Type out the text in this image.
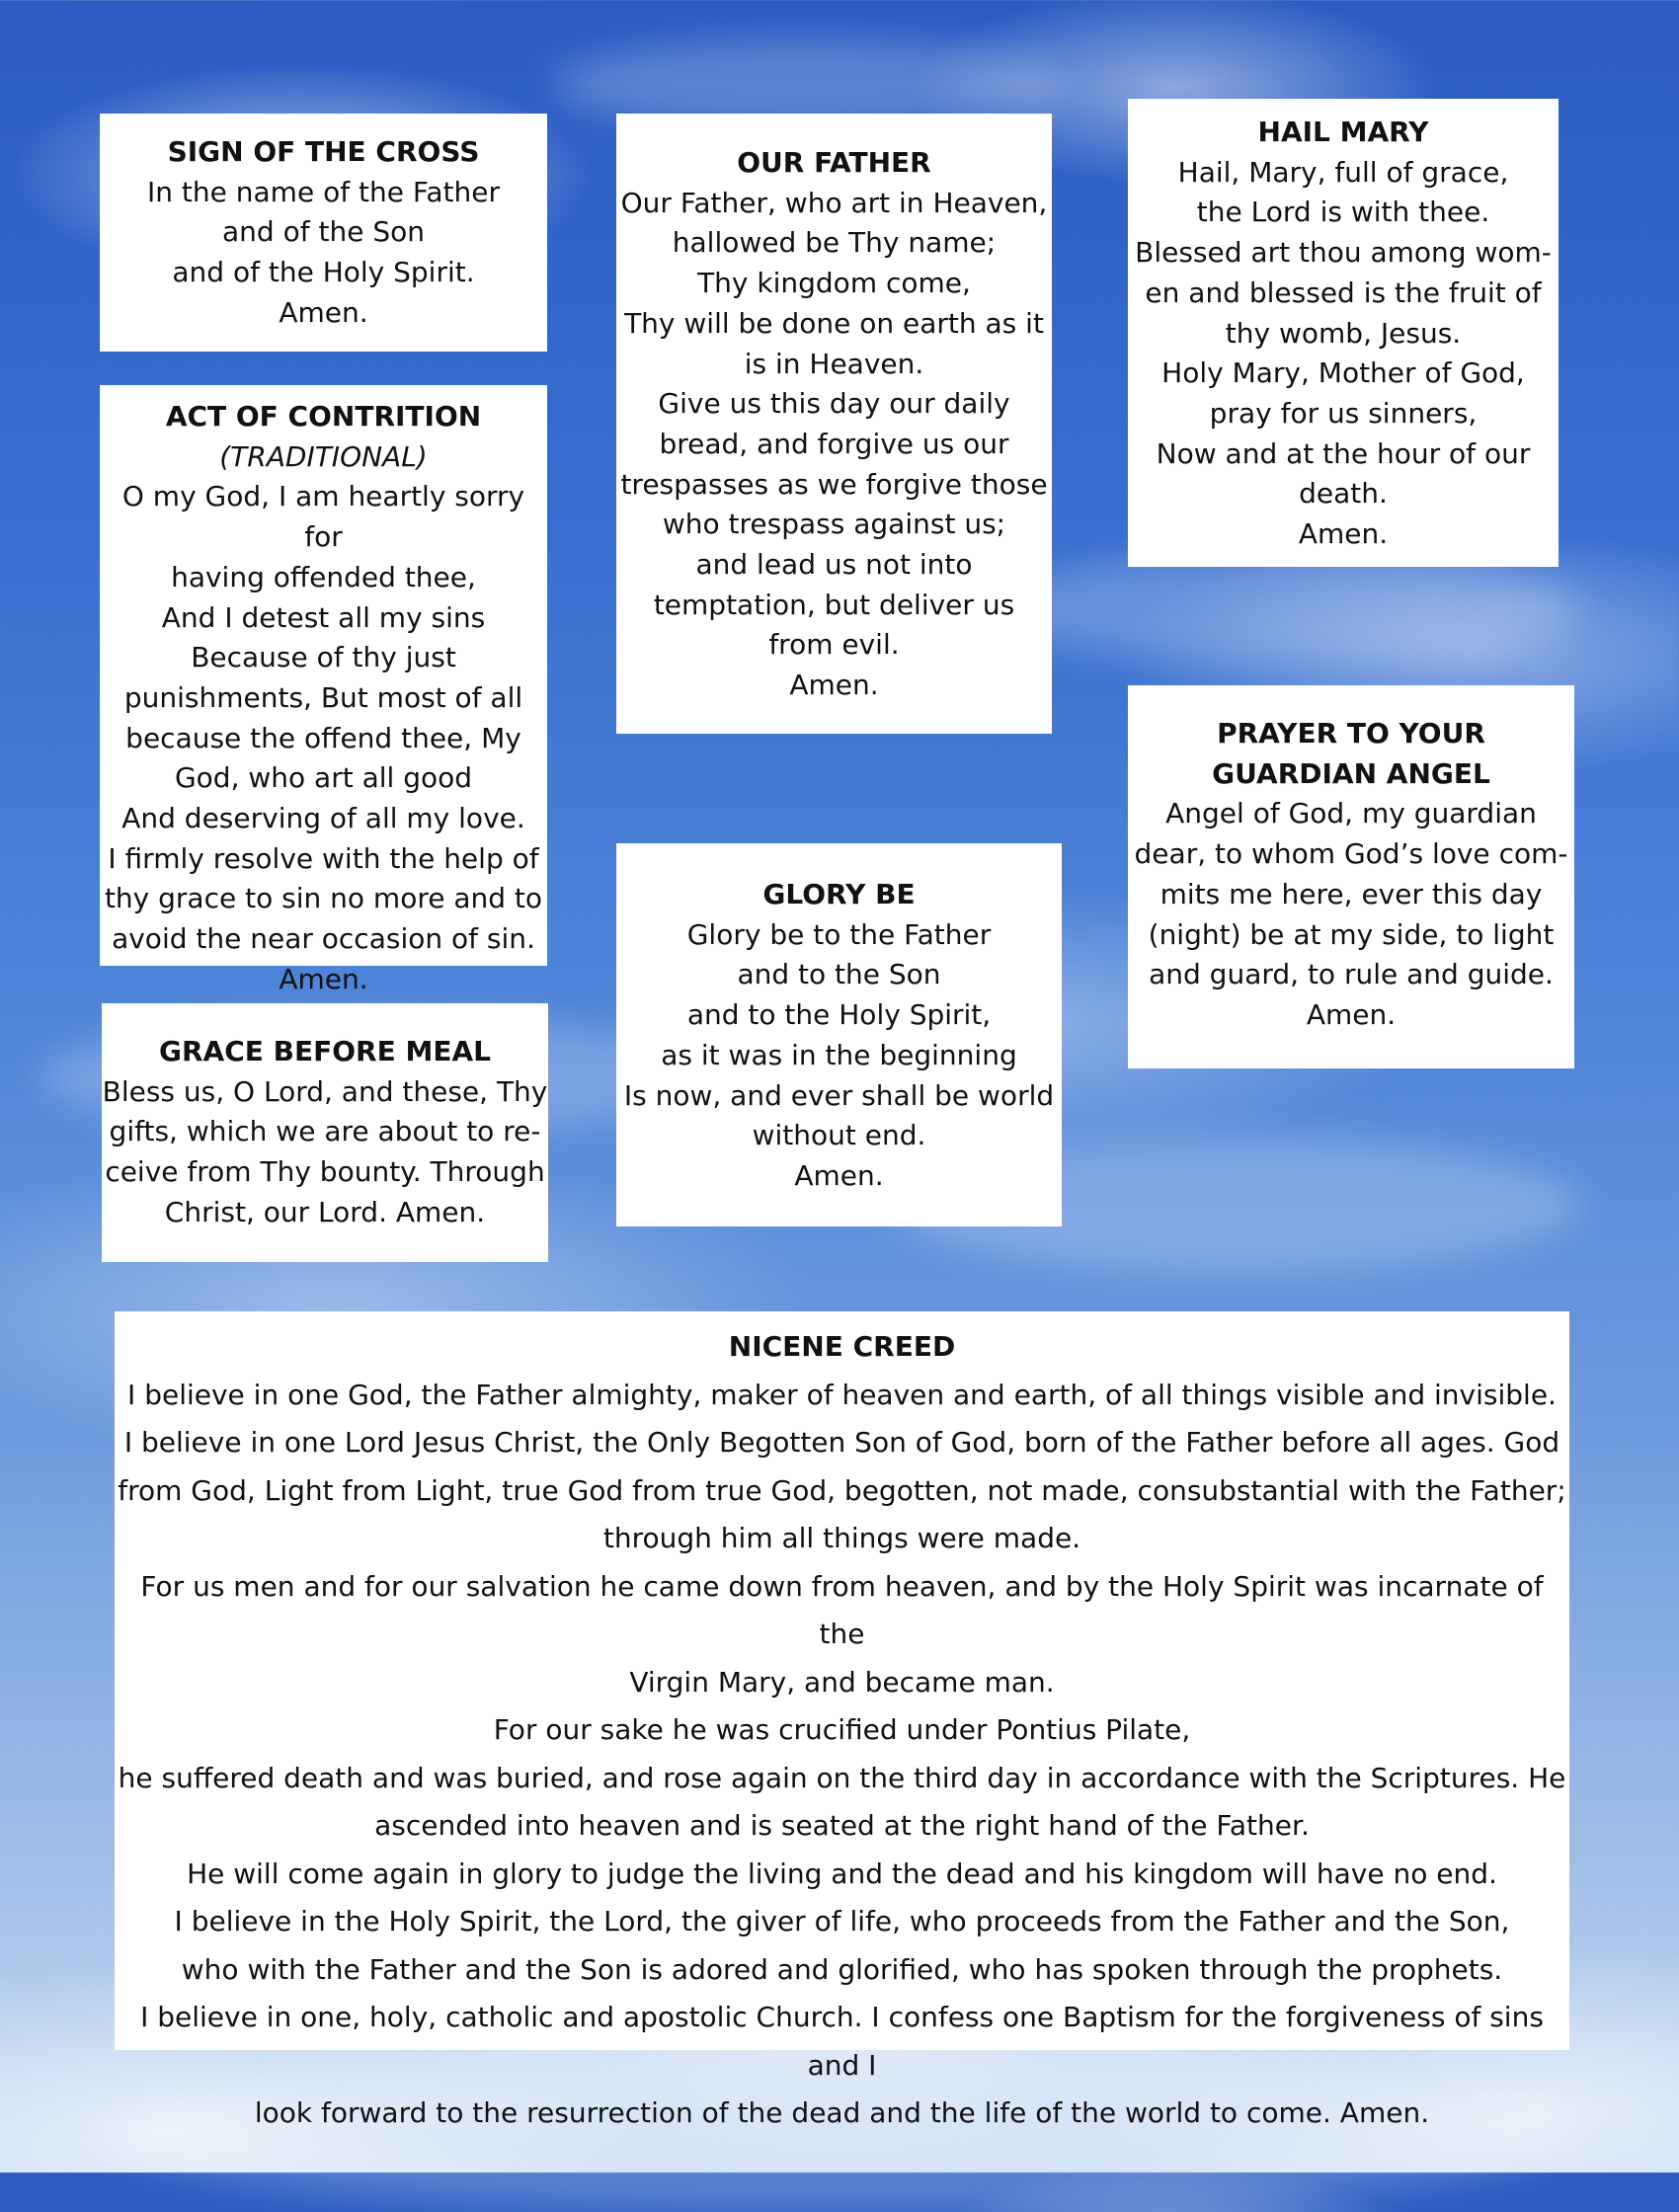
SIGN OF THE CROSS

In the name of the Father

and of the Son

and of the Holy Spirit.

Amen.

OUR FATHER

Our Father, who art in Heaven,

hallowed be Thy name;

Thy kingdom come,

Thy will be done on earth as it

is in Heaven.

Give us this day our daily

bread, and forgive us our

trespasses as we forgive those

who trespass against us;

and lead us not into

temptation, but deliver us

from evil.

Amen.

HAIL MARY

Hail, Mary, full of grace,

the Lord is with thee.

Blessed art thou among wom-

en and blessed is the fruit of

thy womb, Jesus.

Holy Mary, Mother of God,

pray for us sinners,

Now and at the hour of our

death.

Amen.

ACT OF CONTRITION

(TRADITIONAL)

O my God, I am heartly sorry for

having offended thee,

And I detest all my sins

Because of thy just

punishments, But most of all

because the offend thee, My

God, who art all good

And deserving of all my love.

I firmly resolve with the help of

thy grace to sin no more and to

avoid the near occasion of sin.

Amen.

PRAYER TO YOUR

GUARDIAN ANGEL

Angel of God, my guardian

dear, to whom God’s love com-

mits me here, ever this day

(night) be at my side, to light

and guard, to rule and guide.

Amen.

GLORY BE

Glory be to the Father

and to the Son

and to the Holy Spirit,

as it was in the beginning

Is now, and ever shall be world

without end.

Amen.

GRACE BEFORE MEAL

Bless us, O Lord, and these, Thy

gifts, which we are about to re-

ceive from Thy bounty. Through

Christ, our Lord. Amen.

NICENE CREED

I believe in one God, the Father almighty, maker of heaven and earth, of all things visible and invisible.

I believe in one Lord Jesus Christ, the Only Begotten Son of God, born of the Father before all ages. God

from God, Light from Light, true God from true God, begotten, not made, consubstantial with the Father;

through him all things were made.

For us men and for our salvation he came down from heaven, and by the Holy Spirit was incarnate of the

Virgin Mary, and became man.

For our sake he was crucified under Pontius Pilate,

he suffered death and was buried, and rose again on the third day in accordance with the Scriptures. He

ascended into heaven and is seated at the right hand of the Father.

He will come again in glory to judge the living and the dead and his kingdom will have no end.

I believe in the Holy Spirit, the Lord, the giver of life, who proceeds from the Father and the Son,

who with the Father and the Son is adored and glorified, who has spoken through the prophets.

I believe in one, holy, catholic and apostolic Church. I confess one Baptism for the forgiveness of sins and I

look forward to the resurrection of the dead and the life of the world to come. Amen.
